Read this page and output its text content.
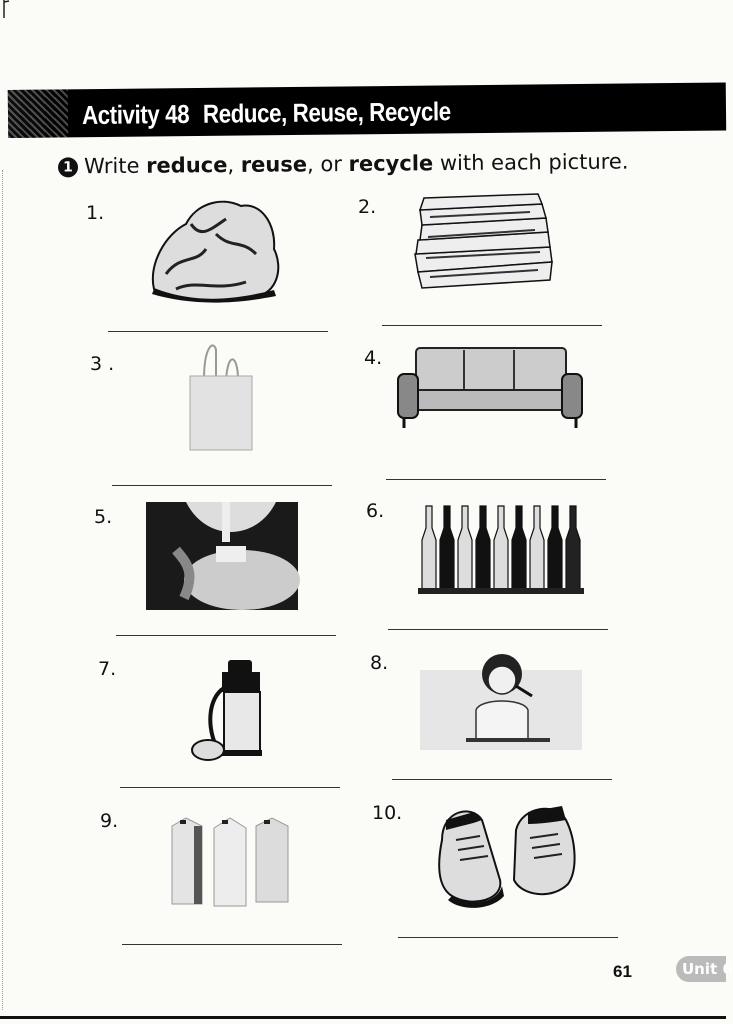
Activity 48 Reduce, Reuse, Recycle
1 Write reduce, reuse, or recycle with each picture.
1.	2.
3 .	4.
5.	6.
7.	8.
9.	10.
61	Unit 6
